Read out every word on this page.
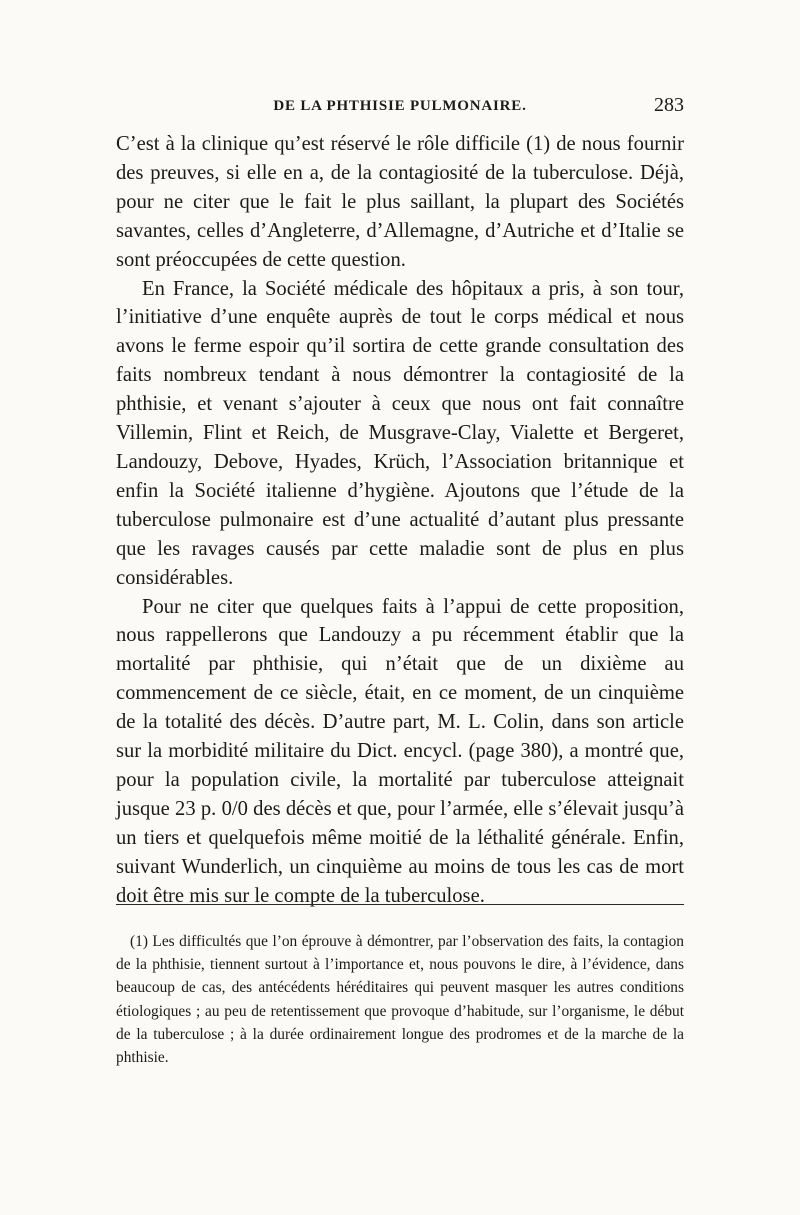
DE LA PHTHISIE PULMONAIRE.	283

C’est à la clinique qu’est réservé le rôle difficile (1) de nous fournir des preuves, si elle en a, de la contagiosité de la tuberculose. Déjà, pour ne citer que le fait le plus saillant, la plupart des Sociétés savantes, celles d’Angleterre, d’Allemagne, d’Autriche et d’Italie se sont préoccupées de cette question.

En France, la Société médicale des hôpitaux a pris, à son tour, l’initiative d’une enquête auprès de tout le corps médical et nous avons le ferme espoir qu’il sortira de cette grande consultation des faits nombreux tendant à nous démontrer la contagiosité de la phthisie, et venant s’ajouter à ceux que nous ont fait connaître Villemin, Flint et Reich, de Musgrave-Clay, Vialette et Bergeret, Landouzy, Debove, Hyades, Krüch, l’Association britannique et enfin la Société italienne d’hygiène. Ajoutons que l’étude de la tuberculose pulmonaire est d’une actualité d’autant plus pressante que les ravages causés par cette maladie sont de plus en plus considérables.

Pour ne citer que quelques faits à l’appui de cette proposition, nous rappellerons que Landouzy a pu récemment établir que la mortalité par phthisie, qui n’était que de un dixième au commencement de ce siècle, était, en ce moment, de un cinquième de la totalité des décès. D’autre part, M. L. Colin, dans son article sur la morbidité militaire du Dict. encycl. (page 380), a montré que, pour la population civile, la mortalité par tuberculose atteignait jusque 23 p. 0/0 des décès et que, pour l’armée, elle s’élevait jusqu’à un tiers et quelquefois même moitié de la léthalité générale. Enfin, suivant Wunderlich, un cinquième au moins de tous les cas de mort doit être mis sur le compte de la tuberculose.

(1) Les difficultés que l’on éprouve à démontrer, par l’observation des faits, la contagion de la phthisie, tiennent surtout à l’importance et, nous pouvons le dire, à l’évidence, dans beaucoup de cas, des antécédents héréditaires qui peuvent masquer les autres conditions étiologiques ; au peu de retentissement que provoque d’habitude, sur l’organisme, le début de la tuberculose ; à la durée ordinairement longue des prodromes et de la marche de la phthisie.
